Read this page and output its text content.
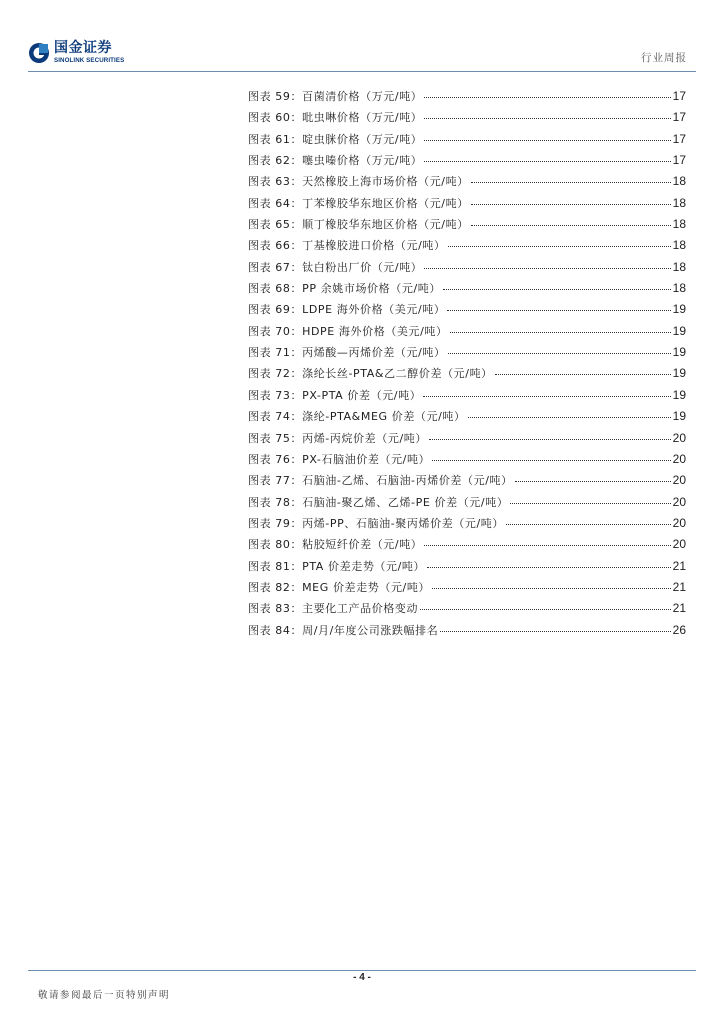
国金证券
SINOLINK SECURITIES	行业周报
图表 59：百菌清价格（万元/吨）	17
图表 60：吡虫啉价格（万元/吨）	17
图表 61：啶虫脒价格（万元/吨）	17
图表 62：噻虫嗪价格（万元/吨）	17
图表 63：天然橡胶上海市场价格（元/吨）	18
图表 64：丁苯橡胶华东地区价格（元/吨）	18
图表 65：顺丁橡胶华东地区价格（元/吨）	18
图表 66：丁基橡胶进口价格（元/吨）	18
图表 67：钛白粉出厂价（元/吨）	18
图表 68：PP 余姚市场价格（元/吨）	18
图表 69：LDPE 海外价格（美元/吨）	19
图表 70：HDPE 海外价格（美元/吨）	19
图表 71：丙烯酸—丙烯价差（元/吨）	19
图表 72：涤纶长丝-PTA&乙二醇价差（元/吨）	19
图表 73：PX-PTA 价差（元/吨）	19
图表 74：涤纶-PTA&MEG 价差（元/吨）	19
图表 75：丙烯-丙烷价差（元/吨）	20
图表 76：PX-石脑油价差（元/吨）	20
图表 77：石脑油-乙烯、石脑油-丙烯价差（元/吨）	20
图表 78：石脑油-聚乙烯、乙烯-PE 价差（元/吨）	20
图表 79：丙烯-PP、石脑油-聚丙烯价差（元/吨）	20
图表 80：粘胶短纤价差（元/吨）	20
图表 81：PTA 价差走势（元/吨）	21
图表 82：MEG 价差走势（元/吨）	21
图表 83：主要化工产品价格变动	21
图表 84：周/月/年度公司涨跌幅排名	26
- 4 -
敬请参阅最后一页特别声明
